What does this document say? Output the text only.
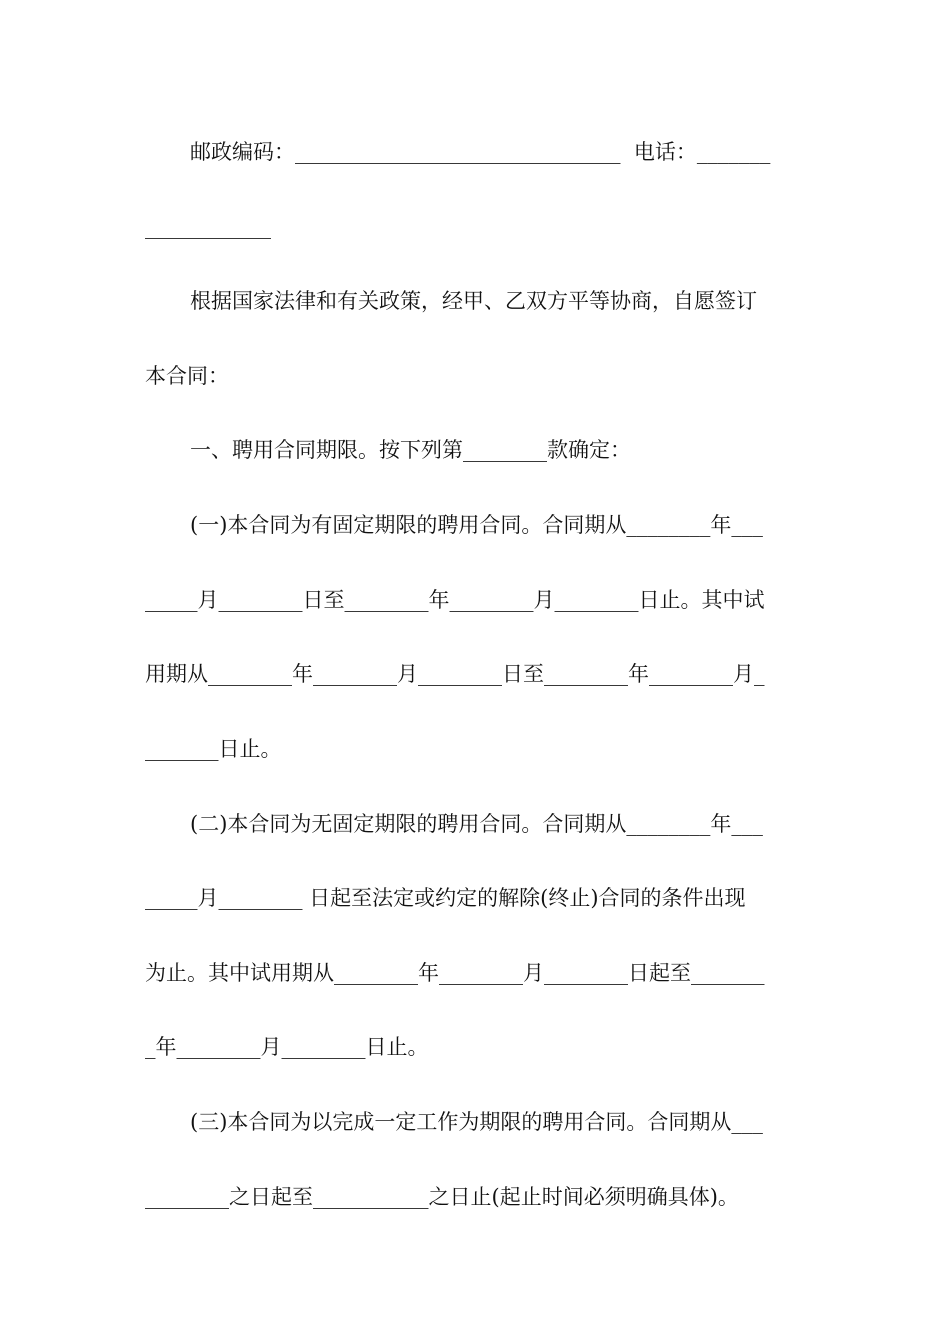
邮政编码：_______________________________  电话：_______
____________
根据国家法律和有关政策，经甲、乙双方平等协商，自愿签订
本合同：
一、聘用合同期限。按下列第________款确定：
(一)本合同为有固定期限的聘用合同。合同期从________年___
_____月________日至________年________月________日止。其中试
用期从________年________月________日至________年________月_
_______日止。
(二)本合同为无固定期限的聘用合同。合同期从________年___
_____月________ 日起至法定或约定的解除(终止)合同的条件出现
为止。其中试用期从________年________月________日起至_______
_年________月________日止。
(三)本合同为以完成一定工作为期限的聘用合同。合同期从___
________之日起至___________之日止(起止时间必须明确具体)。
